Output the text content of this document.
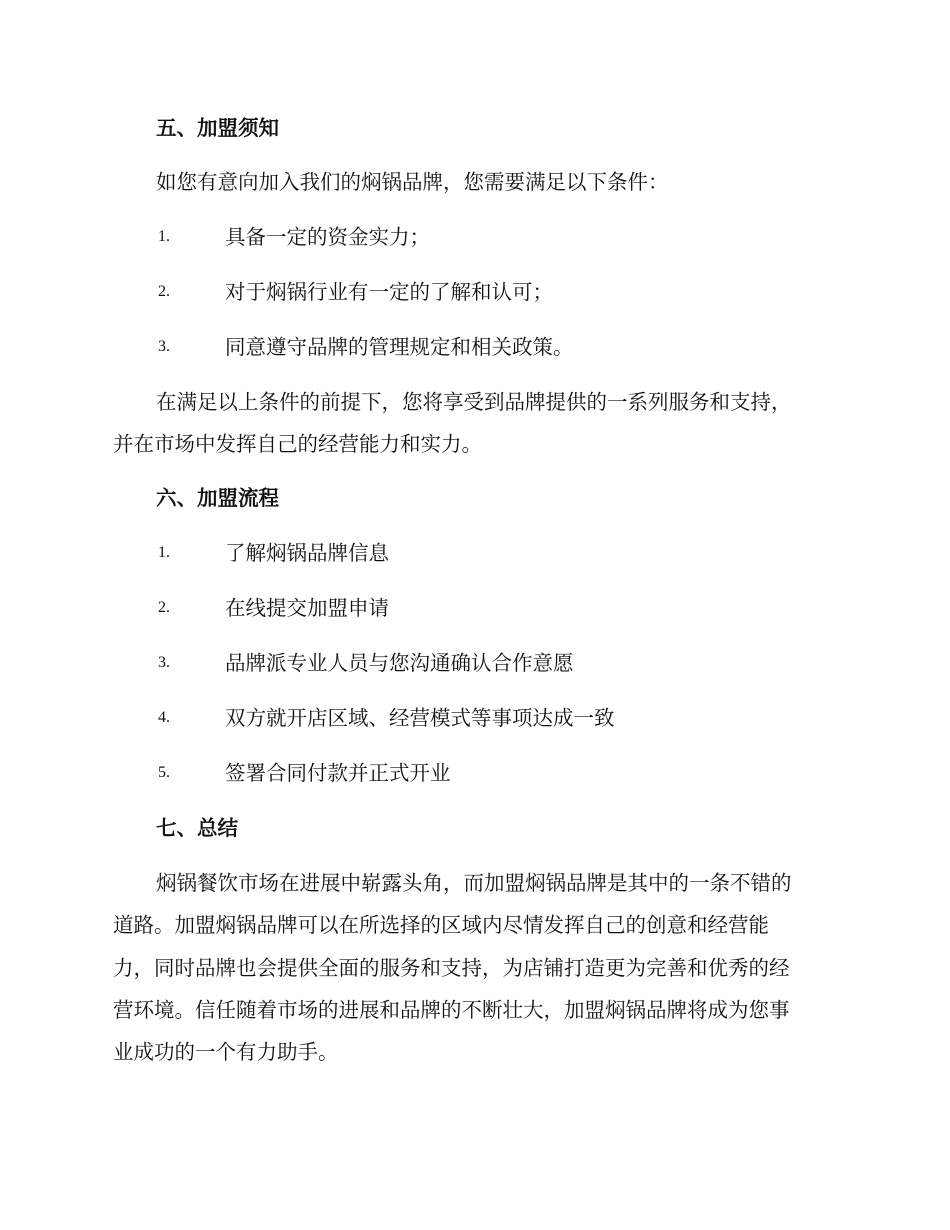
五、加盟须知
如您有意向加入我们的焖锅品牌，您需要满足以下条件：
1.	具备一定的资金实力；
2.	对于焖锅行业有一定的了解和认可；
3.	同意遵守品牌的管理规定和相关政策。
在满足以上条件的前提下，您将享受到品牌提供的一系列服务和支持，
并在市场中发挥自己的经营能力和实力。
六、加盟流程
1.	了解焖锅品牌信息
2.	在线提交加盟申请
3.	品牌派专业人员与您沟通确认合作意愿
4.	双方就开店区域、经营模式等事项达成一致
5.	签署合同付款并正式开业
七、总结
焖锅餐饮市场在进展中崭露头角，而加盟焖锅品牌是其中的一条不错的
道路。加盟焖锅品牌可以在所选择的区域内尽情发挥自己的创意和经营能
力，同时品牌也会提供全面的服务和支持，为店铺打造更为完善和优秀的经
营环境。信任随着市场的进展和品牌的不断壮大，加盟焖锅品牌将成为您事
业成功的一个有力助手。
